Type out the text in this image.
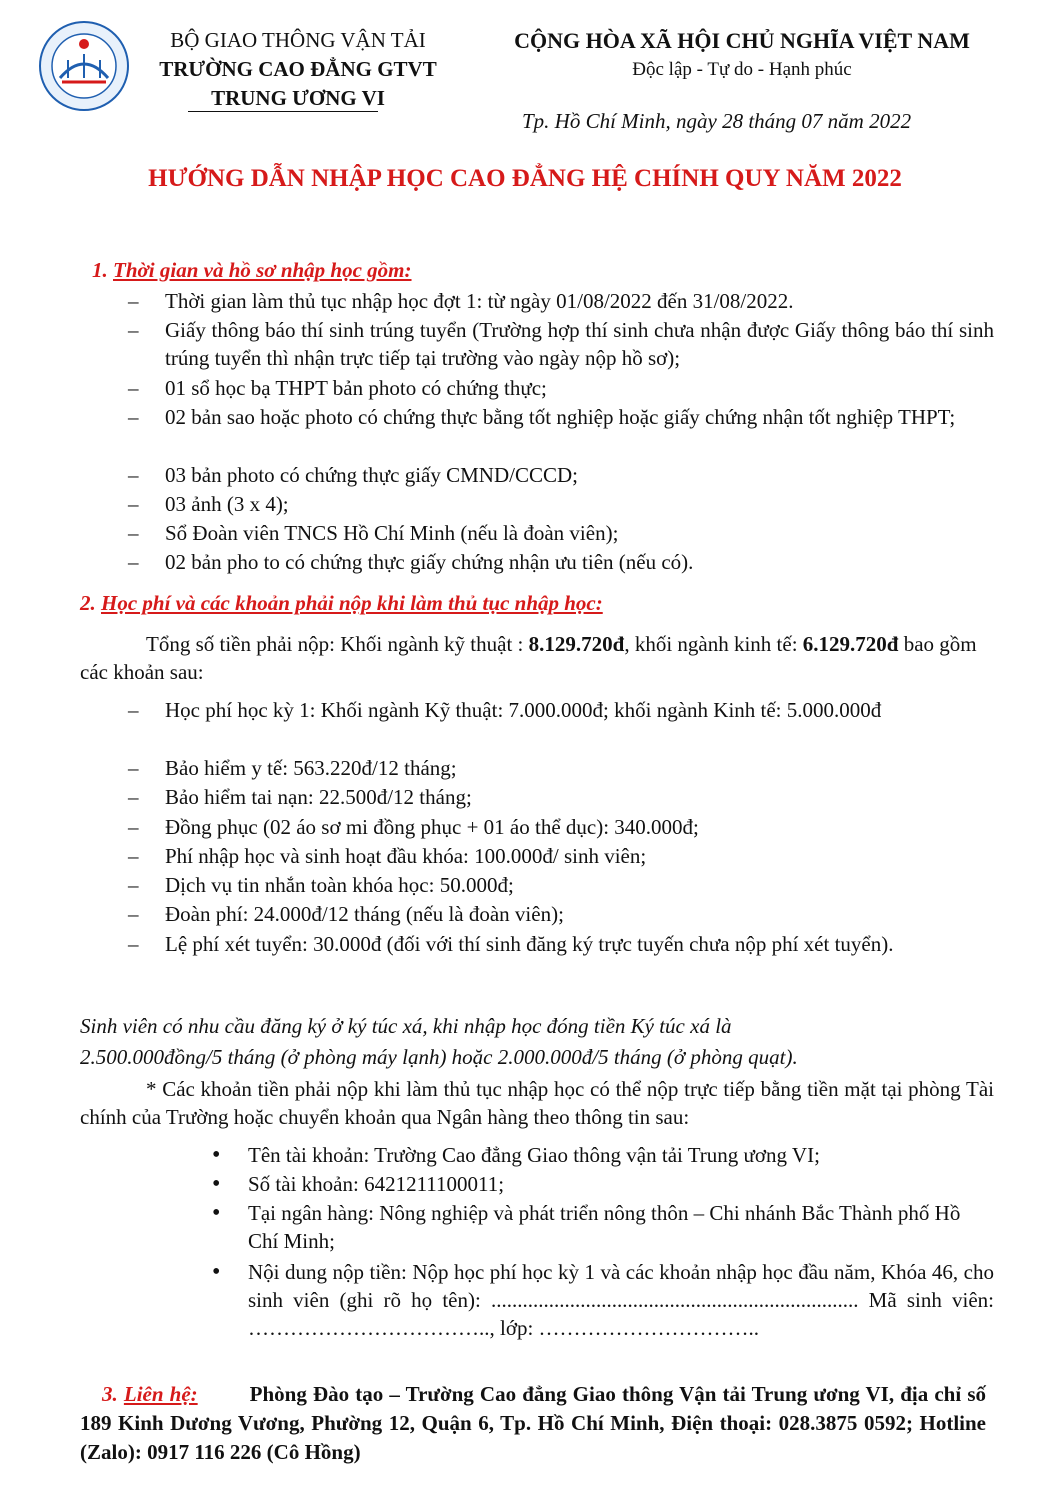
BỘ GIAO THÔNG VẬN TẢI
TRƯỜNG CAO ĐẲNG GTVT
TRUNG ƯƠNG VI
CỘNG HÒA XÃ HỘI CHỦ NGHĨA VIỆT NAM
Độc lập - Tự do - Hạnh phúc
Tp. Hồ Chí Minh, ngày 28 tháng 07 năm 2022
HƯỚNG DẪN NHẬP HỌC CAO ĐẲNG HỆ CHÍNH QUY NĂM 2022
1. Thời gian và hồ sơ nhập học gồm:
– Thời gian làm thủ tục nhập học đợt 1: từ ngày 01/08/2022 đến 31/08/2022.
– Giấy thông báo thí sinh trúng tuyển (Trường hợp thí sinh chưa nhận được Giấy thông báo thí sinh trúng tuyển thì nhận trực tiếp tại trường vào ngày nộp hồ sơ);
– 01 sổ học bạ THPT bản photo có chứng thực;
– 02 bản sao hoặc photo có chứng thực bằng tốt nghiệp hoặc giấy chứng nhận tốt nghiệp THPT;
– 03 bản photo có chứng thực giấy CMND/CCCD;
– 03 ảnh (3 x 4);
– Sổ Đoàn viên TNCS Hồ Chí Minh (nếu là đoàn viên);
– 02 bản pho to có chứng thực giấy chứng nhận ưu tiên (nếu có).
2. Học phí và các khoản phải nộp khi làm thủ tục nhập học:
Tổng số tiền phải nộp: Khối ngành kỹ thuật : 8.129.720đ, khối ngành kinh tế: 6.129.720đ bao gồm các khoản sau:
– Học phí học kỳ 1: Khối ngành Kỹ thuật: 7.000.000đ; khối ngành Kinh tế: 5.000.000đ
– Bảo hiểm y tế: 563.220đ/12 tháng;
– Bảo hiểm tai nạn: 22.500đ/12 tháng;
– Đồng phục (02 áo sơ mi đồng phục + 01 áo thể dục): 340.000đ;
– Phí nhập học và sinh hoạt đầu khóa: 100.000đ/ sinh viên;
– Dịch vụ tin nhắn toàn khóa học: 50.000đ;
– Đoàn phí: 24.000đ/12 tháng (nếu là đoàn viên);
– Lệ phí xét tuyển: 30.000đ (đối với thí sinh đăng ký trực tuyến chưa nộp phí xét tuyển).
Sinh viên có nhu cầu đăng ký ở ký túc xá, khi nhập học đóng tiền Ký túc xá là
2.500.000đồng/5 tháng (ở phòng máy lạnh) hoặc 2.000.000đ/5 tháng (ở phòng quạt).
* Các khoản tiền phải nộp khi làm thủ tục nhập học có thể nộp trực tiếp bằng tiền mặt tại phòng Tài chính của Trường hoặc chuyển khoản qua Ngân hàng theo thông tin sau:
• Tên tài khoản: Trường Cao đẳng Giao thông vận tải Trung ương VI;
• Số tài khoản: 6421211100011;
• Tại ngân hàng: Nông nghiệp và phát triển nông thôn – Chi nhánh Bắc Thành phố Hồ Chí Minh;
• Nội dung nộp tiền: Nộp học phí học kỳ 1 và các khoản nhập học đầu năm, Khóa 46, cho sinh viên (ghi rõ họ tên): ...................................................................... Mã sinh viên: …………………………….., lớp: …………………………..
3. Liên hệ: Phòng Đào tạo – Trường Cao đẳng Giao thông Vận tải Trung ương VI, địa chỉ số 189 Kinh Dương Vương, Phường 12, Quận 6, Tp. Hồ Chí Minh, Điện thoại: 028.3875 0592; Hotline (Zalo): 0917 116 226 (Cô Hồng)
